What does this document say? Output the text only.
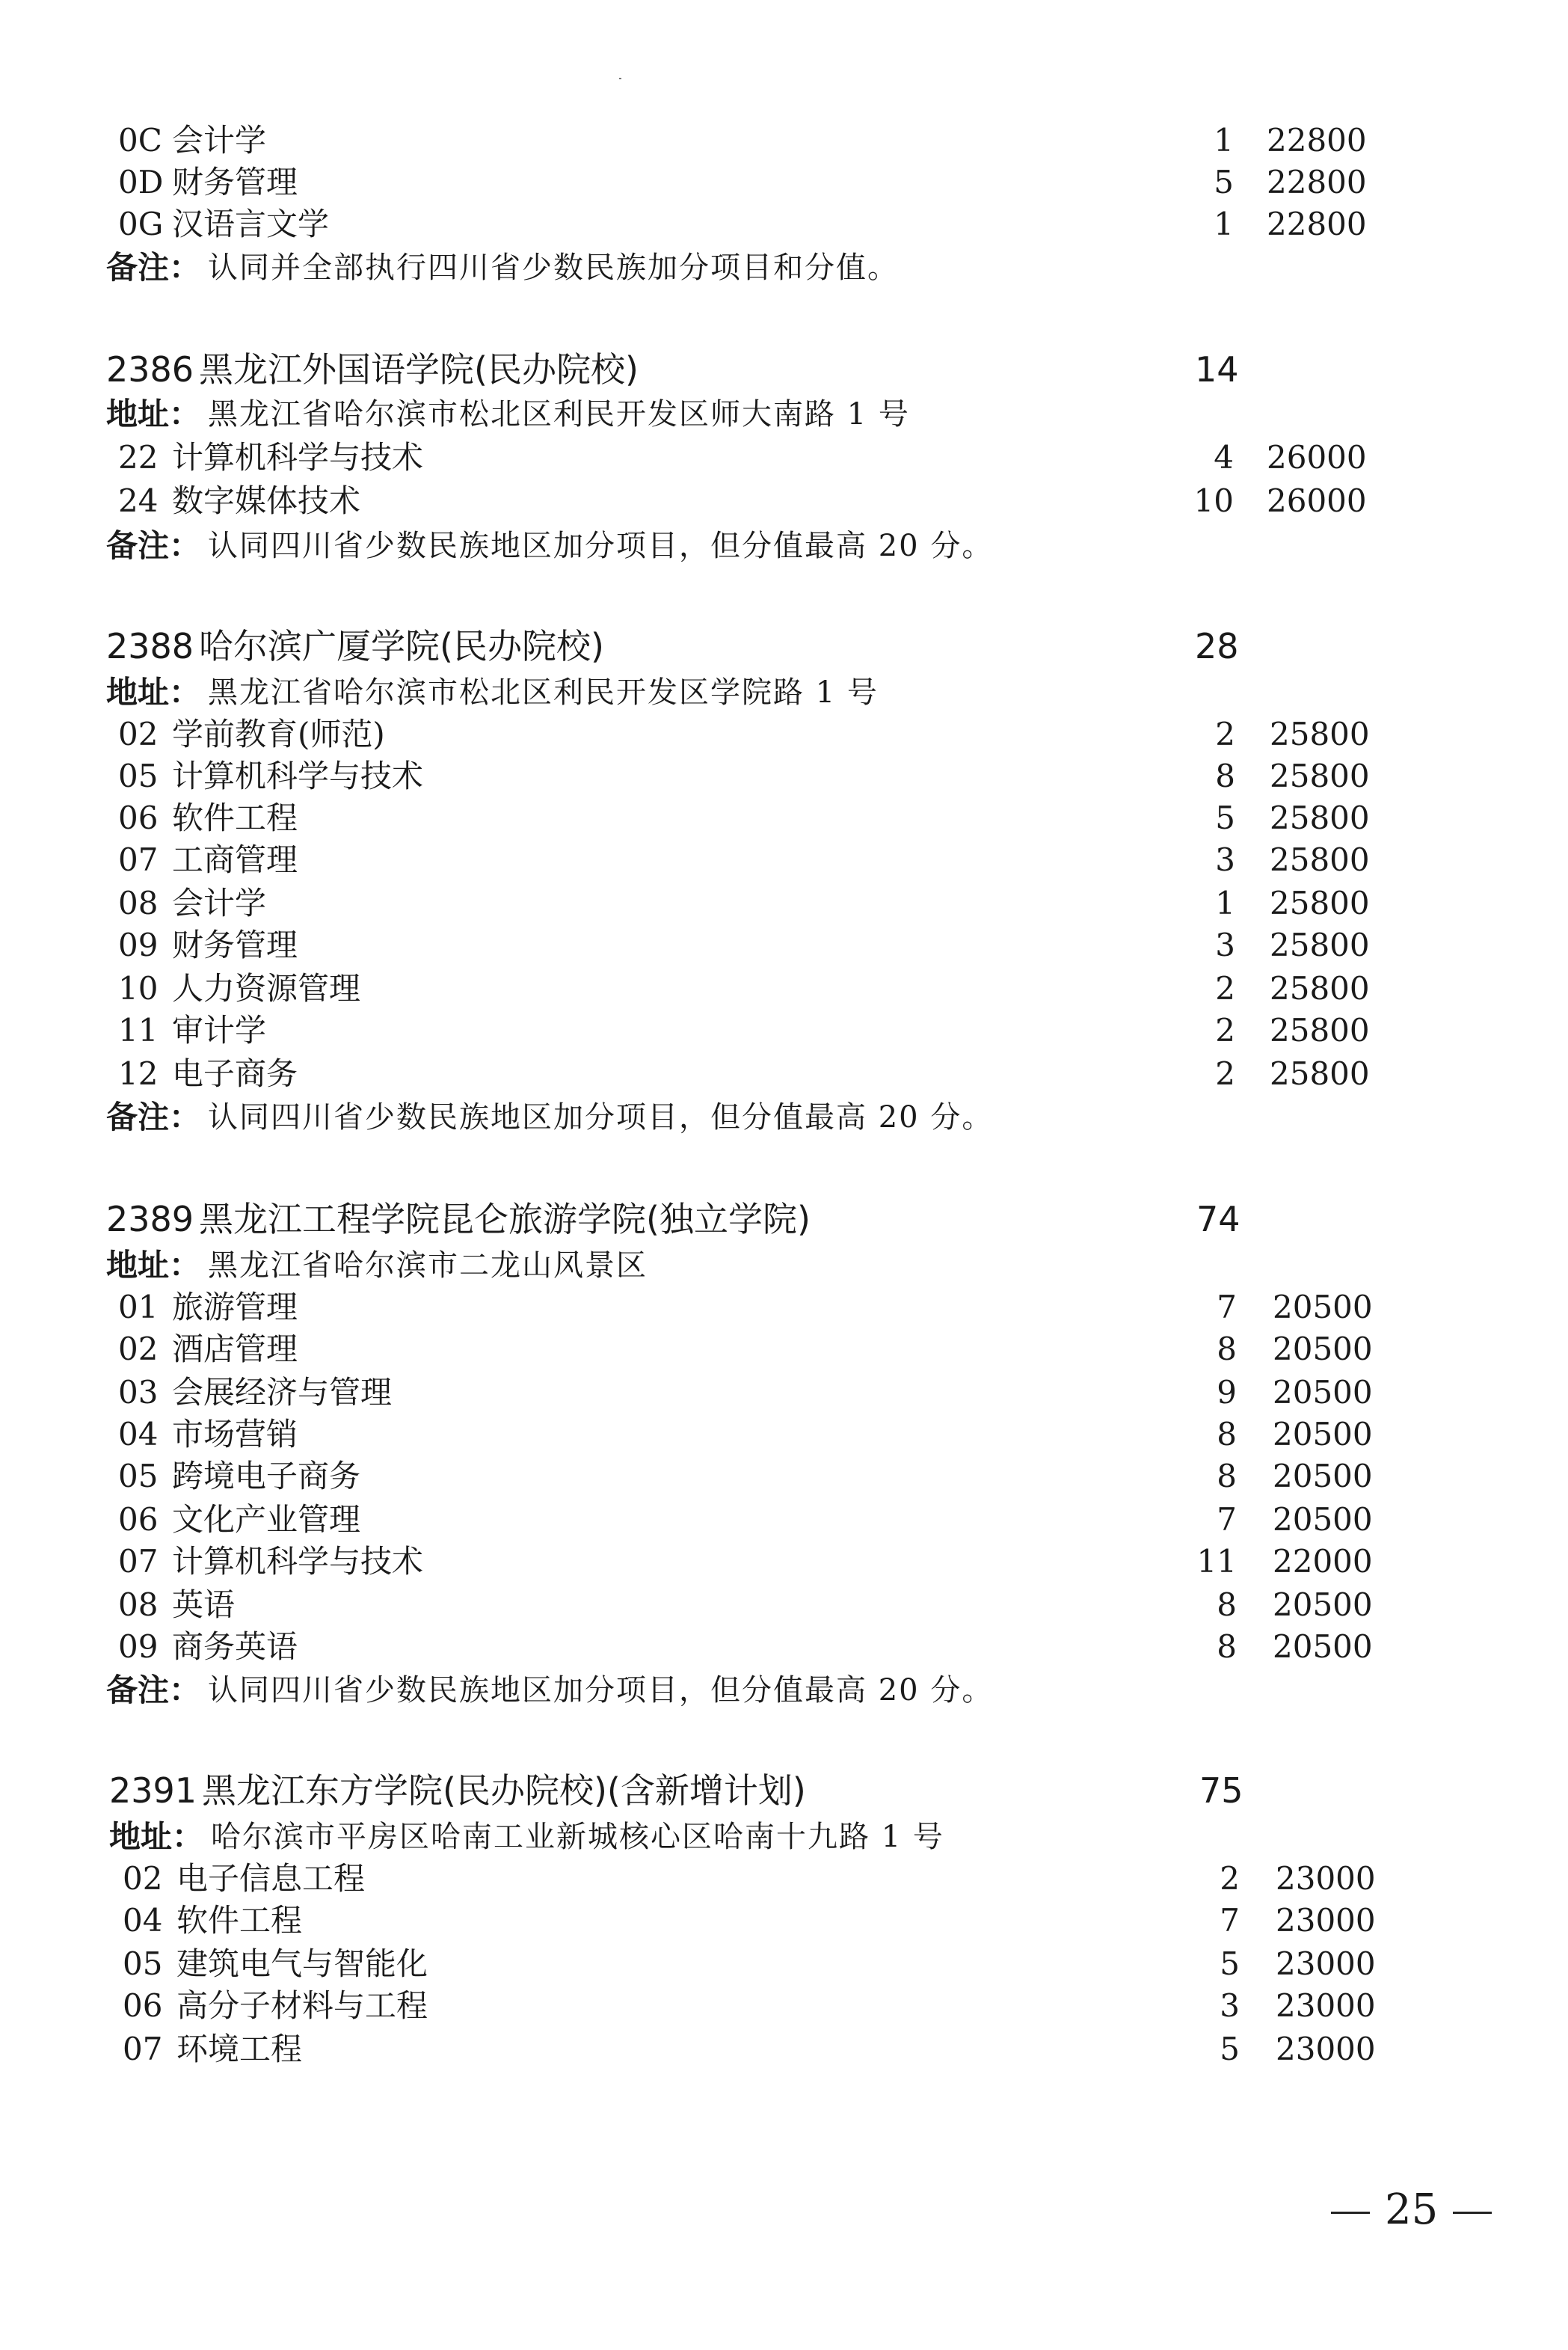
0C 会计学	1 22800
0D 财务管理	5 22800
0G 汉语言文学	1 22800
备注： 认同并全部执行四川省少数民族加分项目和分值。
2386 黑龙江外国语学院(民办院校)	14
地址： 黑龙江省哈尔滨市松北区利民开发区师大南路 1 号
22 计算机科学与技术	4 26000
24 数字媒体技术	10 26000
备注： 认同四川省少数民族地区加分项目，但分值最高 20 分。
2388 哈尔滨广厦学院(民办院校)	28
地址： 黑龙江省哈尔滨市松北区利民开发区学院路 1 号
02 学前教育(师范)	2 25800
05 计算机科学与技术	8 25800
06 软件工程	5 25800
07 工商管理	3 25800
08 会计学	1 25800
09 财务管理	3 25800
10 人力资源管理	2 25800
11 审计学	2 25800
12 电子商务	2 25800
备注： 认同四川省少数民族地区加分项目，但分值最高 20 分。
2389 黑龙江工程学院昆仑旅游学院(独立学院)	74
地址： 黑龙江省哈尔滨市二龙山风景区
01 旅游管理	7 20500
02 酒店管理	8 20500
03 会展经济与管理	9 20500
04 市场营销	8 20500
05 跨境电子商务	8 20500
06 文化产业管理	7 20500
07 计算机科学与技术	11 22000
08 英语	8 20500
09 商务英语	8 20500
备注： 认同四川省少数民族地区加分项目，但分值最高 20 分。
2391 黑龙江东方学院(民办院校)(含新增计划)	75
地址： 哈尔滨市平房区哈南工业新城核心区哈南十九路 1 号
02 电子信息工程	2 23000
04 软件工程	7 23000
05 建筑电气与智能化	5 23000
06 高分子材料与工程	3 23000
07 环境工程	5 23000
25
